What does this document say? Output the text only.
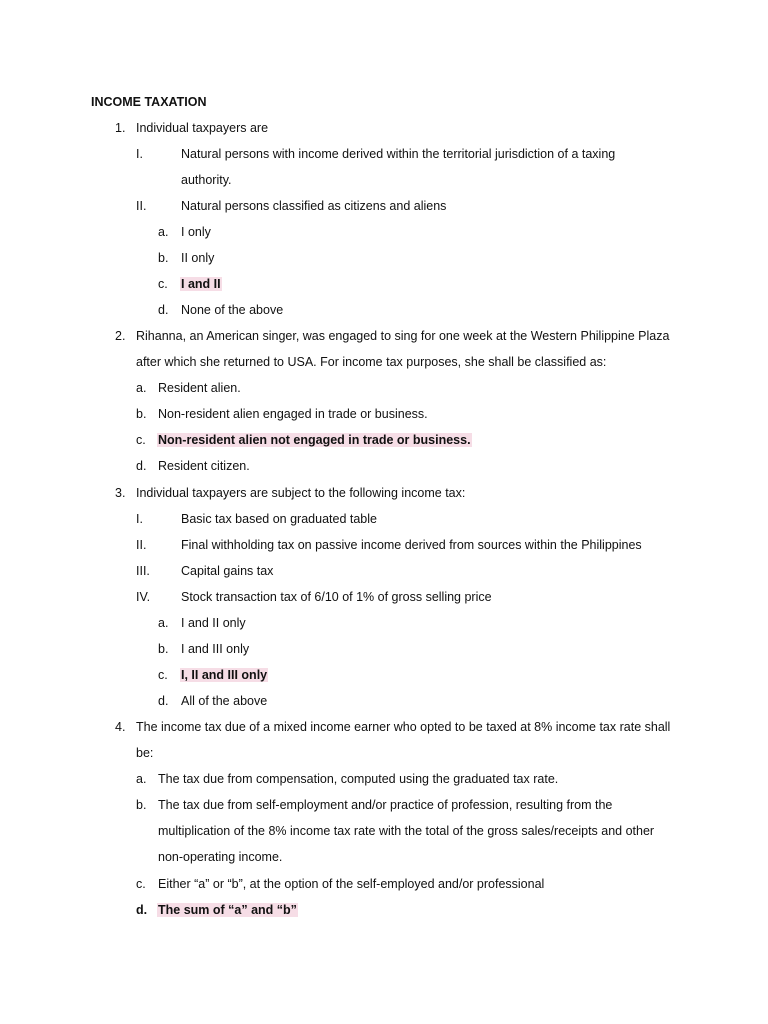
INCOME TAXATION
1. Individual taxpayers are
I.	Natural persons with income derived within the territorial jurisdiction of a taxing
authority.
II.	Natural persons classified as citizens and aliens
a. I only
b. II only
c. I and II
d. None of the above
2. Rihanna, an American singer, was engaged to sing for one week at the Western Philippine Plaza
after which she returned to USA. For income tax purposes, she shall be classified as:
a. Resident alien.
b. Non-resident alien engaged in trade or business.
c. Non-resident alien not engaged in trade or business.
d. Resident citizen.
3. Individual taxpayers are subject to the following income tax:
I.	Basic tax based on graduated table
II.	Final withholding tax on passive income derived from sources within the Philippines
III. Capital gains tax
IV. Stock transaction tax of 6/10 of 1% of gross selling price
a. I and II only
b. I and III only
c. I, II and III only
d. All of the above
4. The income tax due of a mixed income earner who opted to be taxed at 8% income tax rate shall
be:
a. The tax due from compensation, computed using the graduated tax rate.
b. The tax due from self-employment and/or practice of profession, resulting from the
multiplication of the 8% income tax rate with the total of the gross sales/receipts and other
non-operating income.
c. Either “a” or “b”, at the option of the self-employed and/or professional
d. The sum of “a” and “b”
